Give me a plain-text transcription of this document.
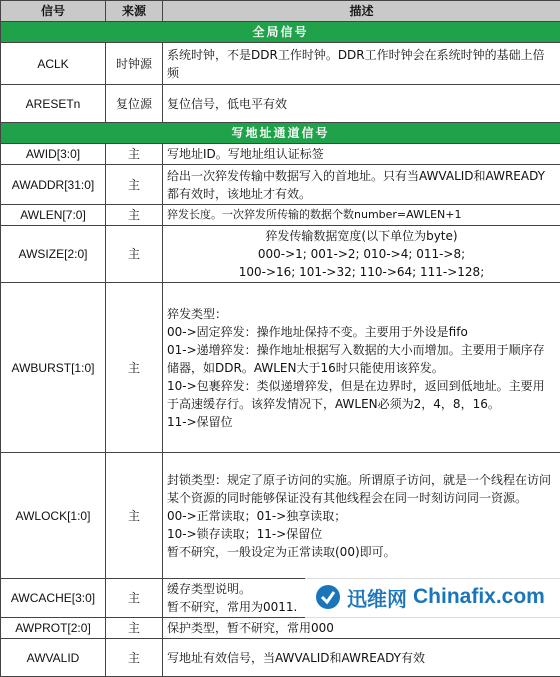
信号	来源	描述
全局信号		
ACLK	时钟源	系统时钟，不是DDR工作时钟。DDR工作时钟会在系统时钟的基础上倍频

ARESETn	复位源	复位信号，低电平有效

写地址通道信号		
AWID[3:0]	主	写地址ID。写地址组认证标签

AWADDR[31:0]	主	给出一次猝发传输中数据写入的首地址。只有当AWVALID和AWREADY都有效时，该地址才有效。

AWLEN[7:0]	主	猝发长度。一次猝发所传输的数据个数number=AWLEN+1

AWSIZE[2:0]	主	猝发传输数据宽度(以下单位为byte)
000->1; 001->2; 010->4; 011->8;
100->16; 101->32; 110->64; 111->128;

AWBURST[1:0]	主	猝发类型：
00->固定猝发：操作地址保持不变。主要用于外设是fifo
01->递增猝发：操作地址根据写入数据的大小而增加。主要用于顺序存储器，如DDR。AWLEN大于16时只能使用该猝发。
10->包裹猝发：类似递增猝发，但是在边界时，返回到低地址。主要用于高速缓存行。该猝发情况下，AWLEN必须为2，4，8，16。
11->保留位

AWLOCK[1:0]	主	封锁类型：规定了原子访问的实施。所谓原子访问，就是一个线程在访问某个资源的同时能够保证没有其他线程会在同一时刻访问同一资源。
00->正常读取；01->独享读取；
10->锁存读取；11->保留位
暂不研究，一般设定为正常读取(00)即可。

AWCACHE[3:0]	主	缓存类型说明。
暂不研究，常用为0011.

AWPROT[2:0]	主	保护类型，暂不研究，常用000

AWVALID	主	写地址有效信号，当AWVALID和AWREADY有效
迅维网 Chinafix.com
